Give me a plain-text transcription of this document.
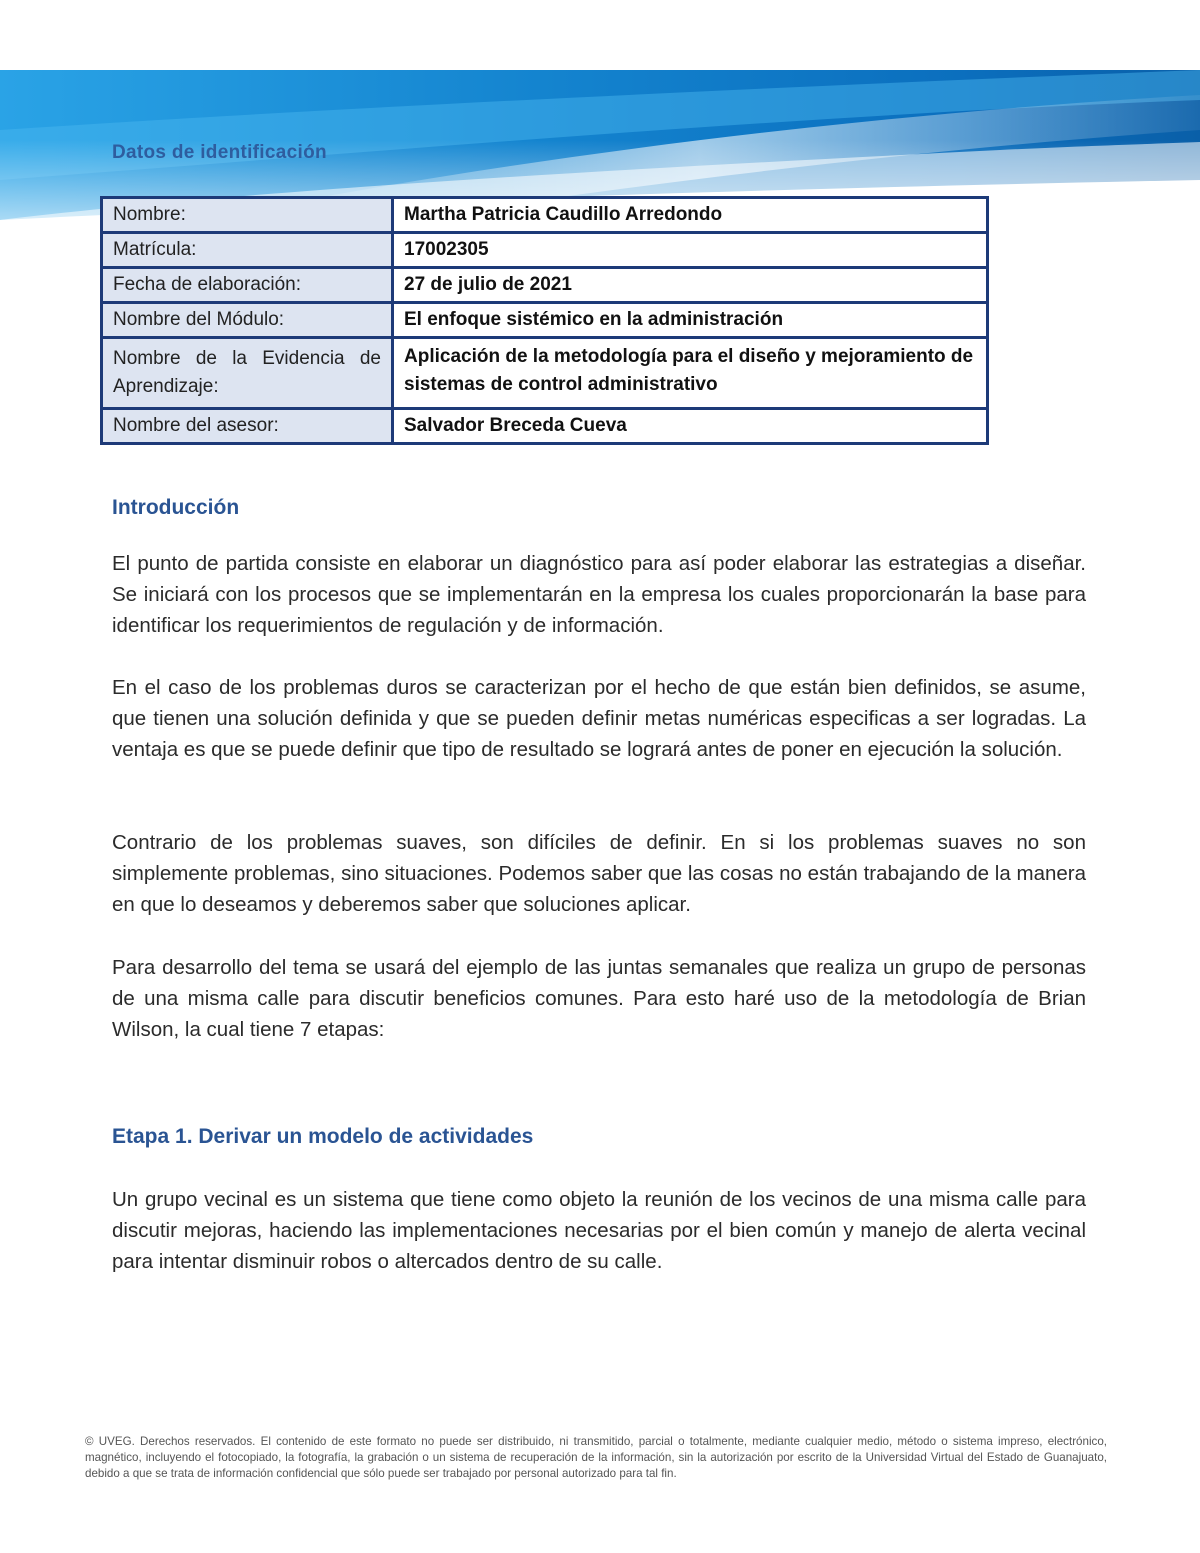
Datos de identificación
Nombre:	Martha Patricia Caudillo Arredondo
Matrícula:	17002305
Fecha de elaboración:	27 de julio de 2021
Nombre del Módulo:	El enfoque sistémico en la administración
Nombre de la Evidencia de Aprendizaje:	Aplicación de la metodología para el diseño y mejoramiento de sistemas de control administrativo
Nombre del asesor:	Salvador Breceda Cueva
Introducción

El punto de partida consiste en elaborar un diagnóstico para así poder elaborar las estrategias a diseñar. Se iniciará con los procesos que se implementarán en la empresa los cuales proporcionarán la base para identificar los requerimientos de regulación y de información.

En el caso de los problemas duros se caracterizan por el hecho de que están bien definidos, se asume, que tienen una solución definida y que se pueden definir metas numéricas especificas a ser logradas. La ventaja es que se puede definir que tipo de resultado se logrará antes de poner en ejecución la solución.

Contrario de los problemas suaves, son difíciles de definir. En si los problemas suaves no son simplemente problemas, sino situaciones. Podemos saber que las cosas no están trabajando de la manera en que lo deseamos y deberemos saber que soluciones aplicar.

Para desarrollo del tema se usará del ejemplo de las juntas semanales que realiza un grupo de personas de una misma calle para discutir beneficios comunes. Para esto haré uso de la metodología de Brian Wilson, la cual tiene 7 etapas:

Etapa 1. Derivar un modelo de actividades

Un grupo vecinal es un sistema que tiene como objeto la reunión de los vecinos de una misma calle para discutir mejoras, haciendo las implementaciones necesarias por el bien común y manejo de alerta vecinal para intentar disminuir robos o altercados dentro de su calle.

© UVEG. Derechos reservados. El contenido de este formato no puede ser distribuido, ni transmitido, parcial o totalmente, mediante cualquier medio, método o sistema impreso, electrónico, magnético, incluyendo el fotocopiado, la fotografía, la grabación o un sistema de recuperación de la información, sin la autorización por escrito de la Universidad Virtual del Estado de Guanajuato, debido a que se trata de información confidencial que sólo puede ser trabajado por personal autorizado para tal fin.
